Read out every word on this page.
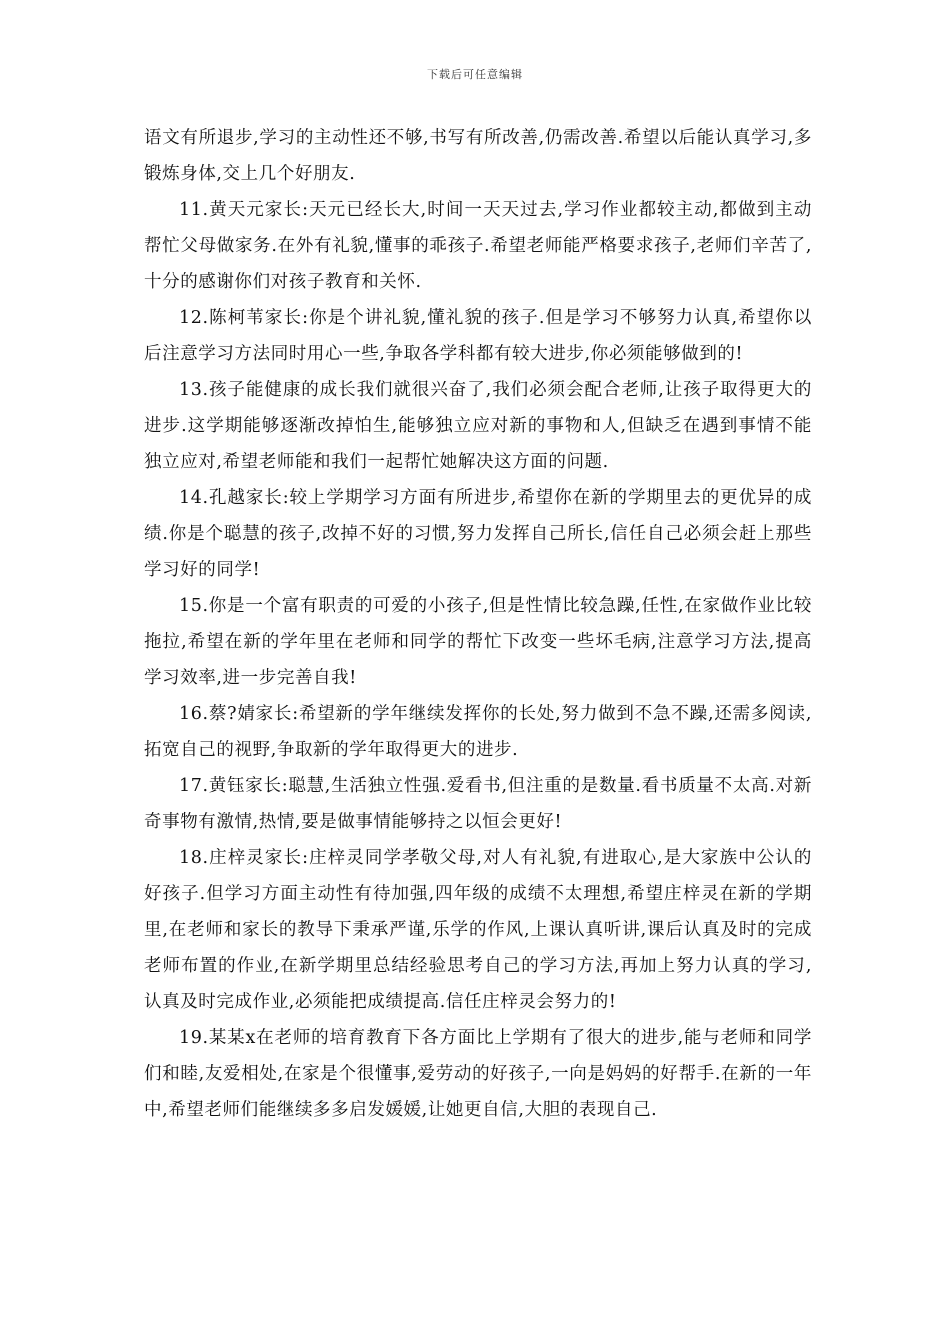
下载后可任意编辑

语文有所退步,学习的主动性还不够,书写有所改善,仍需改善.希望以后能认真学习,多锻炼身体,交上几个好朋友.

11.黄天元家长:天元已经长大,时间一天天过去,学习作业都较主动,都做到主动帮忙父母做家务.在外有礼貌,懂事的乖孩子.希望老师能严格要求孩子,老师们辛苦了,十分的感谢你们对孩子教育和关怀.

12.陈柯苇家长:你是个讲礼貌,懂礼貌的孩子.但是学习不够努力认真,希望你以后注意学习方法同时用心一些,争取各学科都有较大进步,你必须能够做到的!

13.孩子能健康的成长我们就很兴奋了,我们必须会配合老师,让孩子取得更大的进步.这学期能够逐渐改掉怕生,能够独立应对新的事物和人,但缺乏在遇到事情不能独立应对,希望老师能和我们一起帮忙她解决这方面的问题.

14.孔越家长:较上学期学习方面有所进步,希望你在新的学期里去的更优异的成绩.你是个聪慧的孩子,改掉不好的习惯,努力发挥自己所长,信任自己必须会赶上那些学习好的同学!

15.你是一个富有职责的可爱的小孩子,但是性情比较急躁,任性,在家做作业比较拖拉,希望在新的学年里在老师和同学的帮忙下改变一些坏毛病,注意学习方法,提高学习效率,进一步完善自我!

16.蔡?婧家长:希望新的学年继续发挥你的长处,努力做到不急不躁,还需多阅读,拓宽自己的视野,争取新的学年取得更大的进步.

17.黄钰家长:聪慧,生活独立性强.爱看书,但注重的是数量.看书质量不太高.对新奇事物有激情,热情,要是做事情能够持之以恒会更好!

18.庄梓灵家长:庄梓灵同学孝敬父母,对人有礼貌,有进取心,是大家族中公认的好孩子.但学习方面主动性有待加强,四年级的成绩不太理想,希望庄梓灵在新的学期里,在老师和家长的教导下秉承严谨,乐学的作风,上课认真听讲,课后认真及时的完成老师布置的作业,在新学期里总结经验思考自己的学习方法,再加上努力认真的学习,认真及时完成作业,必须能把成绩提高.信任庄梓灵会努力的!

19.某某x在老师的培育教育下各方面比上学期有了很大的进步,能与老师和同学们和睦,友爱相处,在家是个很懂事,爱劳动的好孩子,一向是妈妈的好帮手.在新的一年中,希望老师们能继续多多启发媛媛,让她更自信,大胆的表现自己.
